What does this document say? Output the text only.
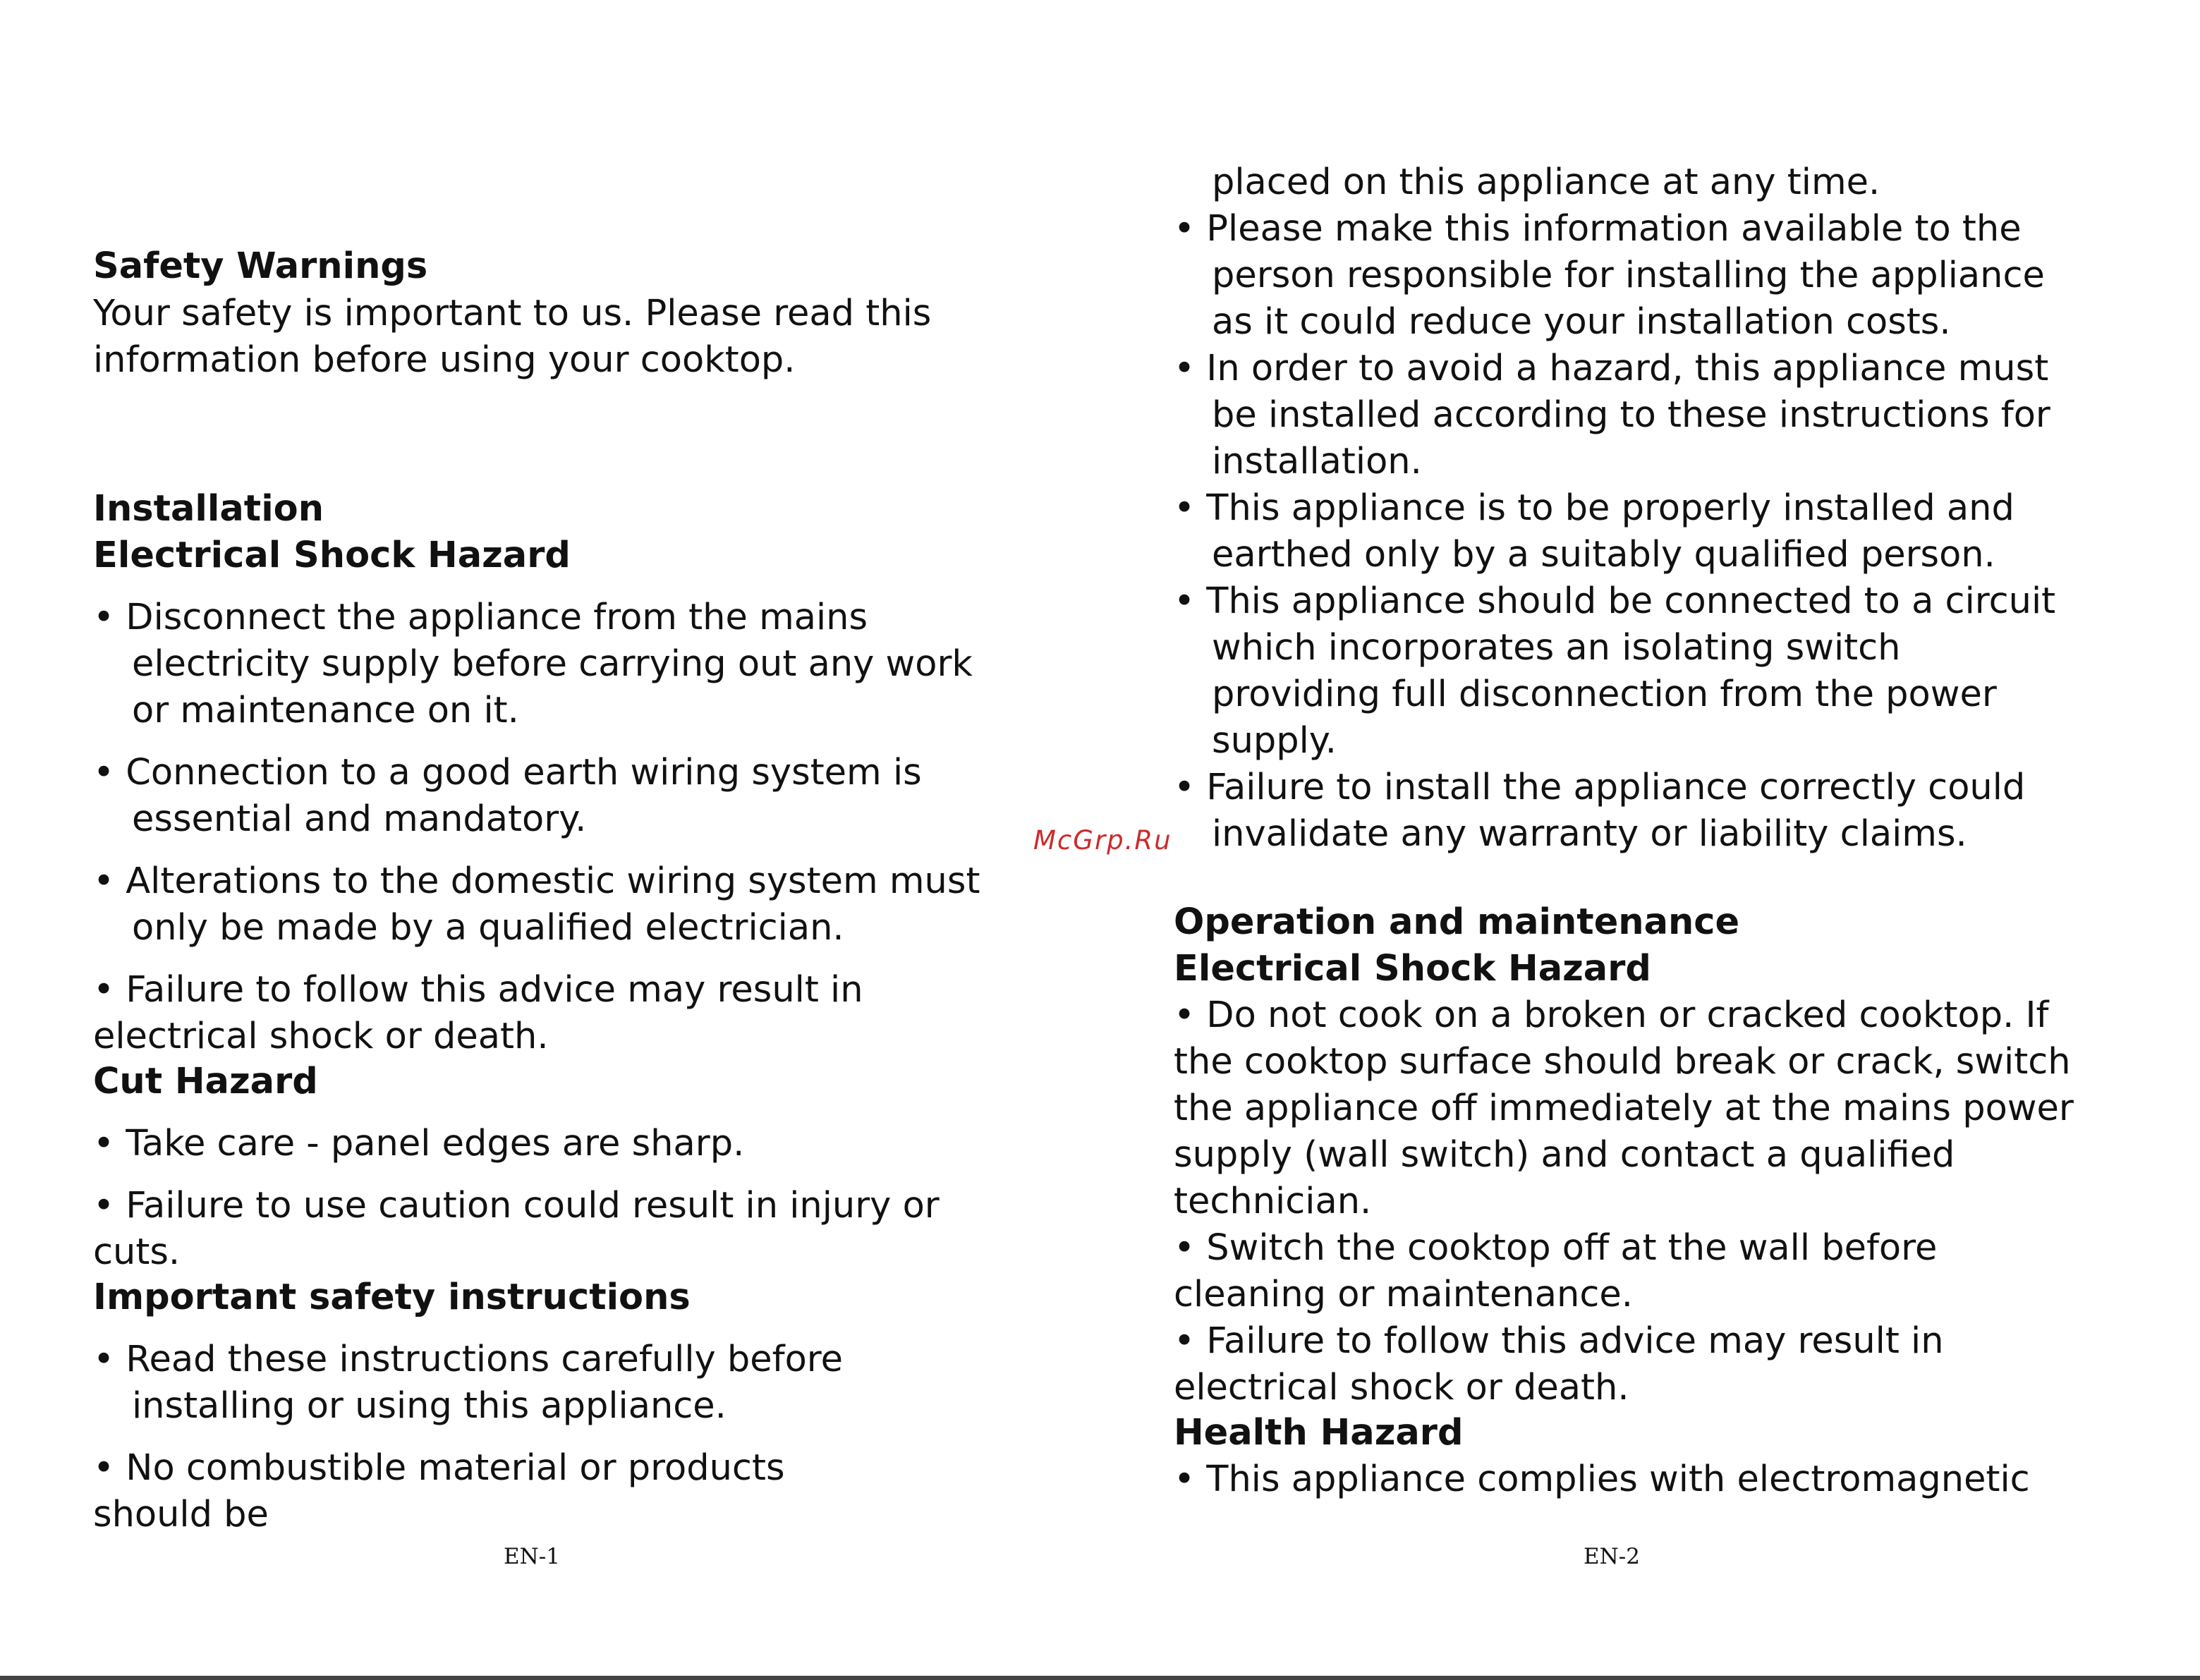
Safety Warnings
Your safety is important to us. Please read this
information before using your cooktop.
Installation
Electrical Shock Hazard
• Disconnect the appliance from the mains
electricity supply before carrying out any work
or maintenance on it.
• Connection to a good earth wiring system is
essential and mandatory.
• Alterations to the domestic wiring system must
only be made by a qualified electrician.
• Failure to follow this advice may result in
electrical shock or death.
Cut Hazard
• Take care - panel edges are sharp.
• Failure to use caution could result in injury or
cuts.
Important safety instructions
• Read these instructions carefully before
installing or using this appliance.
• No combustible material or products
should be
EN-1
McGrp.Ru
placed on this appliance at any time.
• Please make this information available to the
person responsible for installing the appliance
as it could reduce your installation costs.
• In order to avoid a hazard, this appliance must
be installed according to these instructions for
installation.
• This appliance is to be properly installed and
earthed only by a suitably qualified person.
• This appliance should be connected to a circuit
which incorporates an isolating switch
providing full disconnection from the power
supply.
• Failure to install the appliance correctly could
invalidate any warranty or liability claims.
Operation and maintenance
Electrical Shock Hazard
• Do not cook on a broken or cracked cooktop. If
the cooktop surface should break or crack, switch
the appliance off immediately at the mains power
supply (wall switch) and contact a qualified
technician.
• Switch the cooktop off at the wall before
cleaning or maintenance.
• Failure to follow this advice may result in
electrical shock or death.
Health Hazard
• This appliance complies with electromagnetic
EN-2
